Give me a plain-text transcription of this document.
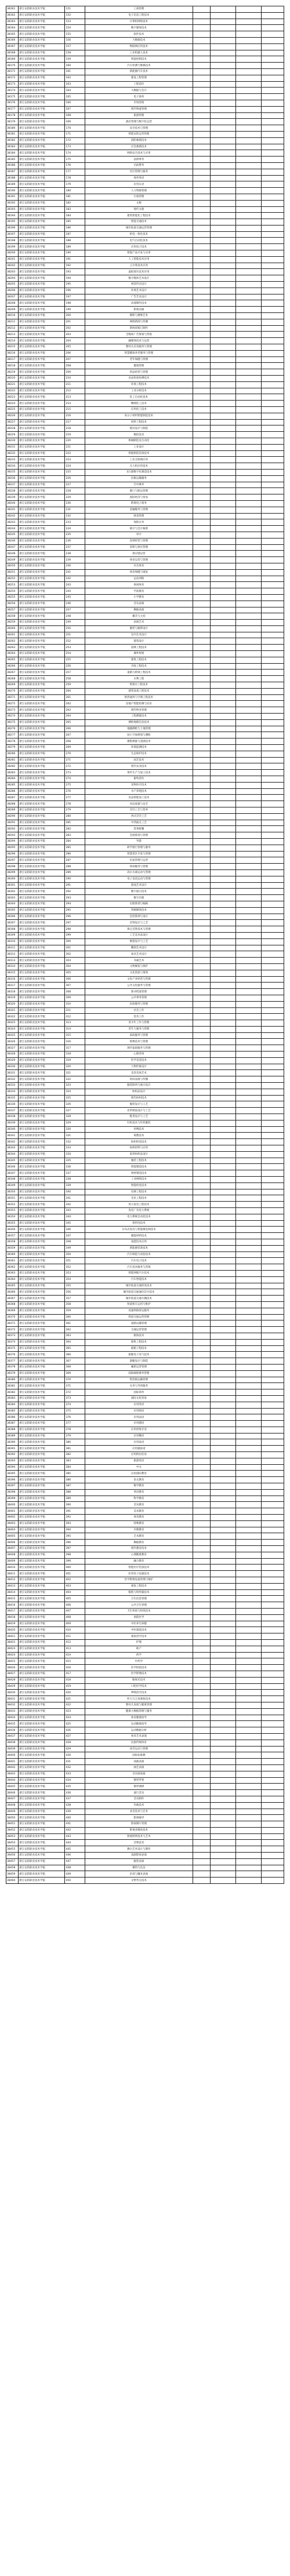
38161	浙江安防职业技术学院	151	工商管理				
38162	浙江安防职业技术学院	152	电子信息工程技术				
38163	浙江安防职业技术学院	153	计算机网络技术				
38164	浙江安防职业技术学院	154	数字媒体技术				
38165	浙江安防职业技术学院	155	软件技术				
38166	浙江安防职业技术学院	156	大数据技术				
38167	浙江安防职业技术学院	157	物联网应用技术				
38168	浙江安防职业技术学院	158	工业机器人技术				
38169	浙江安防职业技术学院	159	智能控制技术				
38170	浙江安防职业技术学院	160	汽车检测与维修技术				
38171	浙江安防职业技术学院	161	新能源汽车技术				
38172	浙江安防职业技术学院	162	建设工程管理				
38173	浙江安防职业技术学院	163	工程造价				
38174	浙江安防职业技术学院	164	大数据与会计				
38175	浙江安防职业技术学院	165	电子商务				
38176	浙江安防职业技术学院	166	市场营销				
38177	浙江安防职业技术学院	167	现代物流管理				
38178	浙江安防职业技术学院	168	旅游管理				
38179	浙江安防职业技术学院	169	酒店管理与数字化运营				
38180	浙江安防职业技术学院	170	安全技术与管理				
38181	浙江安防职业技术学院	171	智能安防运营管理				
38182	浙江安防职业技术学院	172	消防救援技术				
38183	浙江安防职业技术学院	173	应急救援技术				
38184	浙江安防职业技术学院	174	网络安全技术与应用				
38185	浙江安防职业技术学院	175	法律事务				
38186	浙江安防职业技术学院	176	司法警务				
38187	浙江安防职业技术学院	177	社区管理与服务				
38188	浙江安防职业技术学院	178	商务英语				
38189	浙江安防职业技术学院	179	应用日语				
38190	浙江安防职业技术学院	180	人力资源管理				
38191	浙江安防职业技术学院	181	行政管理				
38192	浙江安防职业技术学院	182	文秘				
38193	浙江安防职业技术学院	183	现代文秘				
38194	浙江安防职业技术学院	184	建筑智能化工程技术				
38195	浙江安防职业技术学院	185	智能交通技术				
38196	浙江安防职业技术学院	186	城市轨道交通运营管理				
38197	浙江安防职业技术学院	187	机电一体化技术				
38198	浙江安防职业技术学院	188	电气自动化技术				
38199	浙江安防职业技术学院	189	应用电子技术				
38200	浙江安防职业技术学院	190	智能产品开发与应用				
38201	浙江安防职业技术学院	191	人工智能技术应用				
38202	浙江安防职业技术学院	192	云计算技术应用				
38203	浙江安防职业技术学院	193	虚拟现实技术应用				
38204	浙江安防职业技术学院	194	数字媒体艺术设计				
38205	浙江安防职业技术学院	195	视觉传达设计				
38206	浙江安防职业技术学院	196	环境艺术设计				
38207	浙江安防职业技术学院	197	广告艺术设计				
38208	浙江安防职业技术学院	198	动漫制作技术				
38209	浙江安防职业技术学院	199	影视动画				
38210	浙江安防职业技术学院	200	摄影与摄像艺术				
38211	浙江安防职业技术学院	201	网络新闻与传播				
38212	浙江安防职业技术学院	202	新闻采编与制作				
38213	浙江安防职业技术学院	203	全媒体广告策划与营销				
38214	浙江安防职业技术学院	204	融媒体技术与运营				
38215	浙江安防职业技术学院	205	婴幼儿托育服务与管理				
38216	浙江安防职业技术学院	206	智慧健康养老服务与管理				
38217	浙江安防职业技术学院	207	老年保健与管理				
38218	浙江安防职业技术学院	208	健康管理				
38219	浙江安防职业技术学院	209	药品经营与管理				
38220	浙江安防职业技术学院	210	食品检验检测技术				
38221	浙江安防职业技术学院	211	环境工程技术				
38222	浙江安防职业技术学院	212	工业分析技术				
38223	浙江安防职业技术学院	213	化工自动化技术				
38224	浙江安防职业技术学院	214	精细化工技术				
38225	浙江安防职业技术学院	215	应用化工技术				
38226	浙江安防职业技术学院	216	高分子材料智能制造技术				
38227	浙江安防职业技术学院	217	材料工程技术				
38228	浙江安防职业技术学院	218	模具设计与制造				
38229	浙江安防职业技术学院	219	数控技术				
38230	浙江安防职业技术学院	220	机械制造及自动化				
38231	浙江安防职业技术学院	221	工业设计				
38232	浙江安防职业技术学院	222	智能制造装备技术				
38233	浙江安防职业技术学院	223	工业互联网应用				
38234	浙江安防职业技术学院	224	无人机应用技术				
38235	浙江安防职业技术学院	225	飞行器数字化制造技术				
38236	浙江安防职业技术学院	226	民航运输服务				
38237	浙江安防职业技术学院	227	空中乘务				
38238	浙江安防职业技术学院	228	港口与航运管理				
38239	浙江安防职业技术学院	229	国际经济与贸易				
38240	浙江安防职业技术学院	230	跨境电子商务				
38241	浙江安防职业技术学院	231	金融服务与管理				
38242	浙江安防职业技术学院	232	财富管理				
38243	浙江安防职业技术学院	233	保险实务				
38244	浙江安防职业技术学院	234	统计与会计核算				
38245	浙江安防职业技术学院	235	审计				
38246	浙江安防职业技术学院	236	连锁经营与管理				
38247	浙江安防职业技术学院	237	采购与供应管理				
38248	浙江安防职业技术学院	238	供应链运营				
38249	浙江安防职业技术学院	239	体育运营与管理				
38250	浙江安防职业技术学院	240	社会体育				
38251	浙江安防职业技术学院	241	体育保健与康复				
38252	浙江安防职业技术学院	242	运动训练				
38253	浙江安防职业技术学院	243	休闲体育				
38254	浙江安防职业技术学院	244	学前教育				
38255	浙江安防职业技术学院	245	小学教育				
38256	浙江安防职业技术学院	246	音乐表演				
38257	浙江安防职业技术学院	247	舞蹈表演				
38258	浙江安防职业技术学院	248	播音与主持				
38259	浙江安防职业技术学院	249	表演艺术				
38260	浙江安防职业技术学院	250	服装与服饰设计				
38261	浙江安防职业技术学院	251	室内艺术设计				
38262	浙江安防职业技术学院	252	建筑设计				
38263	浙江安防职业技术学院	253	园林工程技术				
38264	浙江安防职业技术学院	254	城乡规划				
38265	浙江安防职业技术学院	255	建筑工程技术				
38266	浙江安防职业技术学院	256	市政工程技术				
38267	浙江安防职业技术学院	257	道路与桥梁工程技术				
38268	浙江安防职业技术学院	258	水利工程				
38269	浙江安防职业技术学院	259	给排水工程技术				
38270	浙江安防职业技术学院	260	建筑设备工程技术				
38271	浙江安防职业技术学院	261	供热通风与空调工程技术				
38272	浙江安防职业技术学院	262	房地产智能检测与估价				
38273	浙江安防职业技术学院	263	现代物业管理				
38274	浙江安防职业技术学院	264	工程测量技术				
38275	浙江安防职业技术学院	265	测绘地理信息技术				
38276	浙江安防职业技术学院	266	地籍测绘与土地管理				
38277	浙江安防职业技术学院	267	国土空间规划与测绘				
38278	浙江安防职业技术学院	268	摄影测量与遥感技术				
38279	浙江安防职业技术学院	269	环境监测技术				
38280	浙江安防职业技术学院	270	生态保护技术				
38281	浙江安防职业技术学院	271	园艺技术				
38282	浙江安防职业技术学院	272	现代农业技术				
38283	浙江安防职业技术学院	273	茶叶生产与加工技术				
38284	浙江安防职业技术学院	274	畜牧兽医				
38285	浙江安防职业技术学院	275	宠物医疗技术				
38286	浙江安防职业技术学院	276	水产养殖技术				
38287	浙江安防职业技术学院	277	食品智能加工技术				
38288	浙江安防职业技术学院	278	食品质量与安全				
38289	浙江安防职业技术学院	279	烹饪工艺与营养				
38290	浙江安防职业技术学院	280	西式烹饪工艺				
38291	浙江安防职业技术学院	281	中西面点工艺				
38292	浙江安防职业技术学院	282	营养配餐				
38293	浙江安防职业技术学院	283	会展策划与管理				
38294	浙江安防职业技术学院	284	导游				
38295	浙江安防职业技术学院	285	研学旅行管理与服务				
38296	浙江安防职业技术学院	286	智慧景区开发与管理				
38297	浙江安防职业技术学院	287	民宿管理与运营				
38298	浙江安防职业技术学院	288	休闲服务与管理				
38299	浙江安防职业技术学院	289	高尔夫球运动与管理				
38300	浙江安防职业技术学院	290	电子竞技运动与管理				
38301	浙江安防职业技术学院	291	游戏艺术设计				
38302	浙江安防职业技术学院	292	数字展示技术				
38303	浙江安防职业技术学院	293	数字出版				
38304	浙江安防职业技术学院	294	出版策划与编辑				
38305	浙江安防职业技术学院	295	印刷媒体技术				
38306	浙江安防职业技术学院	296	包装策划与设计				
38307	浙江安防职业技术学院	297	首饰设计与工艺				
38308	浙江安防职业技术学院	298	珠宝首饰技术与管理				
38309	浙江安防职业技术学院	299	工艺美术品设计				
38310	浙江安防职业技术学院	300	陶瓷设计与工艺				
38311	浙江安防职业技术学院	301	雕刻艺术设计				
38312	浙江安防职业技术学院	302	家具艺术设计				
38313	浙江安防职业技术学院	303	书画艺术				
38314	浙江安防职业技术学院	304	文物修复与保护				
38315	浙江安防职业技术学院	305	文化创意与策划				
38316	浙江安防职业技术学院	306	文化产业经营与管理				
38317	浙江安防职业技术学院	307	公共文化服务与管理				
38318	浙江安防职业技术学院	308	图书档案管理				
38319	浙江安防职业技术学院	309	公共事务管理				
38320	浙江安防职业技术学院	310	民政服务与管理				
38321	浙江安防职业技术学院	311	社会工作				
38322	浙江安防职业技术学院	312	党务工作				
38323	浙江安防职业技术学院	313	青少年工作与管理				
38324	浙江安防职业技术学院	314	老年人服务与管理				
38325	浙江安防职业技术学院	315	家政服务与管理				
38326	浙江安防职业技术学院	316	殡葬技术与管理				
38327	浙江安防职业技术学院	317	现代家政服务与管理				
38328	浙江安防职业技术学院	318	心理咨询				
38329	浙江安防职业技术学院	319	医学美容技术				
38330	浙江安防职业技术学院	320	人物形象设计				
38331	浙江安防职业技术学院	321	美容美体艺术				
38332	浙江安防职业技术学院	322	时尚表演与传播				
38333	浙江安防职业技术学院	323	服装陈列与展示设计				
38334	浙江安防职业技术学院	324	纺织品设计				
38335	浙江安防职业技术学院	325	现代纺织技术				
38336	浙江安防职业技术学院	326	服装设计与工艺				
38337	浙江安防职业技术学院	327	皮革制品设计与工艺				
38338	浙江安防职业技术学院	328	鞋类设计与工艺				
38339	浙江安防职业技术学院	329	针织技术与针织服装				
38340	浙江安防职业技术学院	330	丝绸技术				
38341	浙江安防职业技术学院	331	染整技术				
38342	浙江安防职业技术学院	332	纺织机电技术				
38343	浙江安防职业技术学院	333	纺织材料与应用				
38344	浙江安防职业技术学院	334	家用纺织品设计				
38345	浙江安防职业技术学院	335	服装工程技术				
38346	浙江安防职业技术学院	336	智能制造技术				
38347	浙江安防职业技术学院	337	增材制造技术				
38348	浙江安防职业技术学院	338	工业网络技术				
38349	浙江安防职业技术学院	339	智能机电技术				
38350	浙江安防职业技术学院	340	电梯工程技术				
38351	浙江安防职业技术学院	341	光伏工程技术				
38352	浙江安防职业技术学院	342	风力发电工程技术				
38353	浙江安防职业技术学院	343	发电厂及电力系统				
38354	浙江安防职业技术学院	344	电力系统自动化技术				
38355	浙江安防职业技术学院	345	供用电技术				
38356	浙江安防职业技术学院	346	分布式发电与智能微电网技术				
38357	浙江安防职业技术学院	347	储能材料技术				
38358	浙江安防职业技术学院	348	氢能技术应用				
38359	浙江安防职业技术学院	349	新能源装备技术				
38360	浙江安防职业技术学院	350	汽车制造与试验技术				
38361	浙江安防职业技术学院	351	汽车电子技术				
38362	浙江安防职业技术学院	352	汽车技术服务与营销				
38363	浙江安防职业技术学院	353	智能网联汽车技术				
38364	浙江安防职业技术学院	354	汽车智能技术				
38365	浙江安防职业技术学院	355	城市轨道交通机电技术				
38366	浙江安防职业技术学院	356	城市轨道交通通信信号技术				
38367	浙江安防职业技术学院	357	城市轨道交通车辆技术				
38368	浙江安防职业技术学院	358	铁道机车运用与维护				
38369	浙江安防职业技术学院	359	高速铁路客运服务				
38370	浙江安防职业技术学院	360	铁道交通运营管理				
38371	浙江安防职业技术学院	361	道路运输管理				
38372	浙江安防职业技术学院	362	交通运营管理				
38373	浙江安防职业技术学院	363	航海技术				
38374	浙江安防职业技术学院	364	轮机工程技术				
38375	浙江安防职业技术学院	365	船舶工程技术				
38376	浙江安防职业技术学院	366	船舶电子电气技术				
38377	浙江安防职业技术学院	367	游艇设计与制造				
38378	浙江安防职业技术学院	368	邮轮运营管理				
38379	浙江安防职业技术学院	369	国际邮轮乘务管理				
38380	浙江安防职业技术学院	370	集装箱运输管理				
38381	浙江安防职业技术学院	371	关务与外贸服务				
38382	浙江安防职业技术学院	372	国际商务				
38383	浙江安防职业技术学院	373	国际文化贸易				
38384	浙江安防职业技术学院	374	应用英语				
38385	浙江安防职业技术学院	375	应用韩语				
38386	浙江安防职业技术学院	376	应用法语				
38387	浙江安防职业技术学院	377	应用德语				
38388	浙江安防职业技术学院	378	应用西班牙语				
38389	浙江安防职业技术学院	379	应用俄语				
38390	浙江安防职业技术学院	380	应用泰语				
38391	浙江安防职业技术学院	381	应用越南语				
38392	浙江安防职业技术学院	382	应用阿拉伯语				
38393	浙江安防职业技术学院	383	旅游英语				
38394	浙江安防职业技术学院	384	中文				
38395	浙江安防职业技术学院	385	汉语国际教育				
38396	浙江安防职业技术学院	386	语文教育				
38397	浙江安防职业技术学院	387	数学教育				
38398	浙江安防职业技术学院	388	英语教育				
38399	浙江安防职业技术学院	389	科学教育				
38400	浙江安防职业技术学院	390	音乐教育				
38401	浙江安防职业技术学院	391	美术教育				
38402	浙江安防职业技术学院	392	体育教育				
38403	浙江安防职业技术学院	393	特殊教育				
38404	浙江安防职业技术学院	394	早期教育				
38405	浙江安防职业技术学院	395	艺术教育				
38406	浙江安防职业技术学院	396	舞蹈教育				
38407	浙江安防职业技术学院	397	现代教育技术				
38408	浙江安防职业技术学院	398	心理健康教育				
38409	浙江安防职业技术学院	399	融合教育				
38410	浙江安防职业技术学院	400	智能医疗装备技术				
38411	浙江安防职业技术学院	401	医用电子仪器技术				
38412	浙江安防职业技术学院	402	医学影像设备管理与维护				
38413	浙江安防职业技术学院	403	康复工程技术				
38414	浙江安防职业技术学院	404	假肢与矫形器技术				
38415	浙江安防职业技术学院	405	卫生信息管理				
38416	浙江安防职业技术学院	406	公共卫生管理				
38417	浙江安防职业技术学院	407	卫生检验与检疫技术				
38418	浙江安防职业技术学院	408	预防医学				
38419	浙江安防职业技术学院	409	中医养生保健				
38420	浙江安防职业技术学院	410	中医康复技术				
38421	浙江安防职业技术学院	411	康复治疗技术				
38422	浙江安防职业技术学院	412	护理				
38423	浙江安防职业技术学院	413	助产				
38424	浙江安防职业技术学院	414	药学				
38425	浙江安防职业技术学院	415	中药学				
38426	浙江安防职业技术学院	416	医学检验技术				
38427	浙江安防职业技术学院	417	医学影像技术				
38428	浙江安防职业技术学院	418	眼视光技术				
38429	浙江安防职业技术学院	419	口腔医学技术				
38430	浙江安防职业技术学院	420	呼吸治疗技术				
38431	浙江安防职业技术学院	421	听力与言语康复技术				
38432	浙江安防职业技术学院	422	婴幼儿发展与健康管理				
38433	浙江安防职业技术学院	423	健康大数据管理与服务				
38434	浙江安防职业技术学院	424	体育健康指导				
38435	浙江安防职业技术学院	425	运动健康指导				
38436	浙江安防职业技术学院	426	运动数据分析				
38437	浙江安防职业技术学院	427	体育艺术表演				
38438	浙江安防职业技术学院	428	民族传统体育				
38439	浙江安防职业技术学院	429	冰雪运动与管理				
38440	浙江安防职业技术学院	430	国际标准舞				
38441	浙江安防职业技术学院	431	戏曲表演				
38442	浙江安防职业技术学院	432	曲艺表演				
38443	浙江安防职业技术学院	433	音乐剧表演				
38444	浙江安防职业技术学院	434	钢琴伴奏				
38445	浙江安防职业技术学院	435	钢琴调律				
38446	浙江安防职业技术学院	436	流行音乐				
38447	浙江安防职业技术学院	437	音乐制作				
38448	浙江安防职业技术学院	438	作曲技术				
38449	浙江安防职业技术学院	439	录音技术与艺术				
38450	浙江安防职业技术学院	440	影视编导				
38451	浙江安防职业技术学院	441	影视制片管理				
38452	浙江安防职业技术学院	442	影视多媒体技术				
38453	浙江安防职业技术学院	443	影视照明技术与艺术				
38454	浙江安防职业技术学院	444	音像技术				
38455	浙江安防职业技术学院	445	舞台艺术设计与制作				
38456	浙江安防职业技术学院	446	戏剧影视表演				
38457	浙江安防职业技术学院	447	服装表演				
38458	浙江安防职业技术学院	448	模特与礼仪				
38459	浙江安防职业技术学院	449	杂技与魔术表演				
38460	浙江安防职业技术学院	450	文物考古技术				
